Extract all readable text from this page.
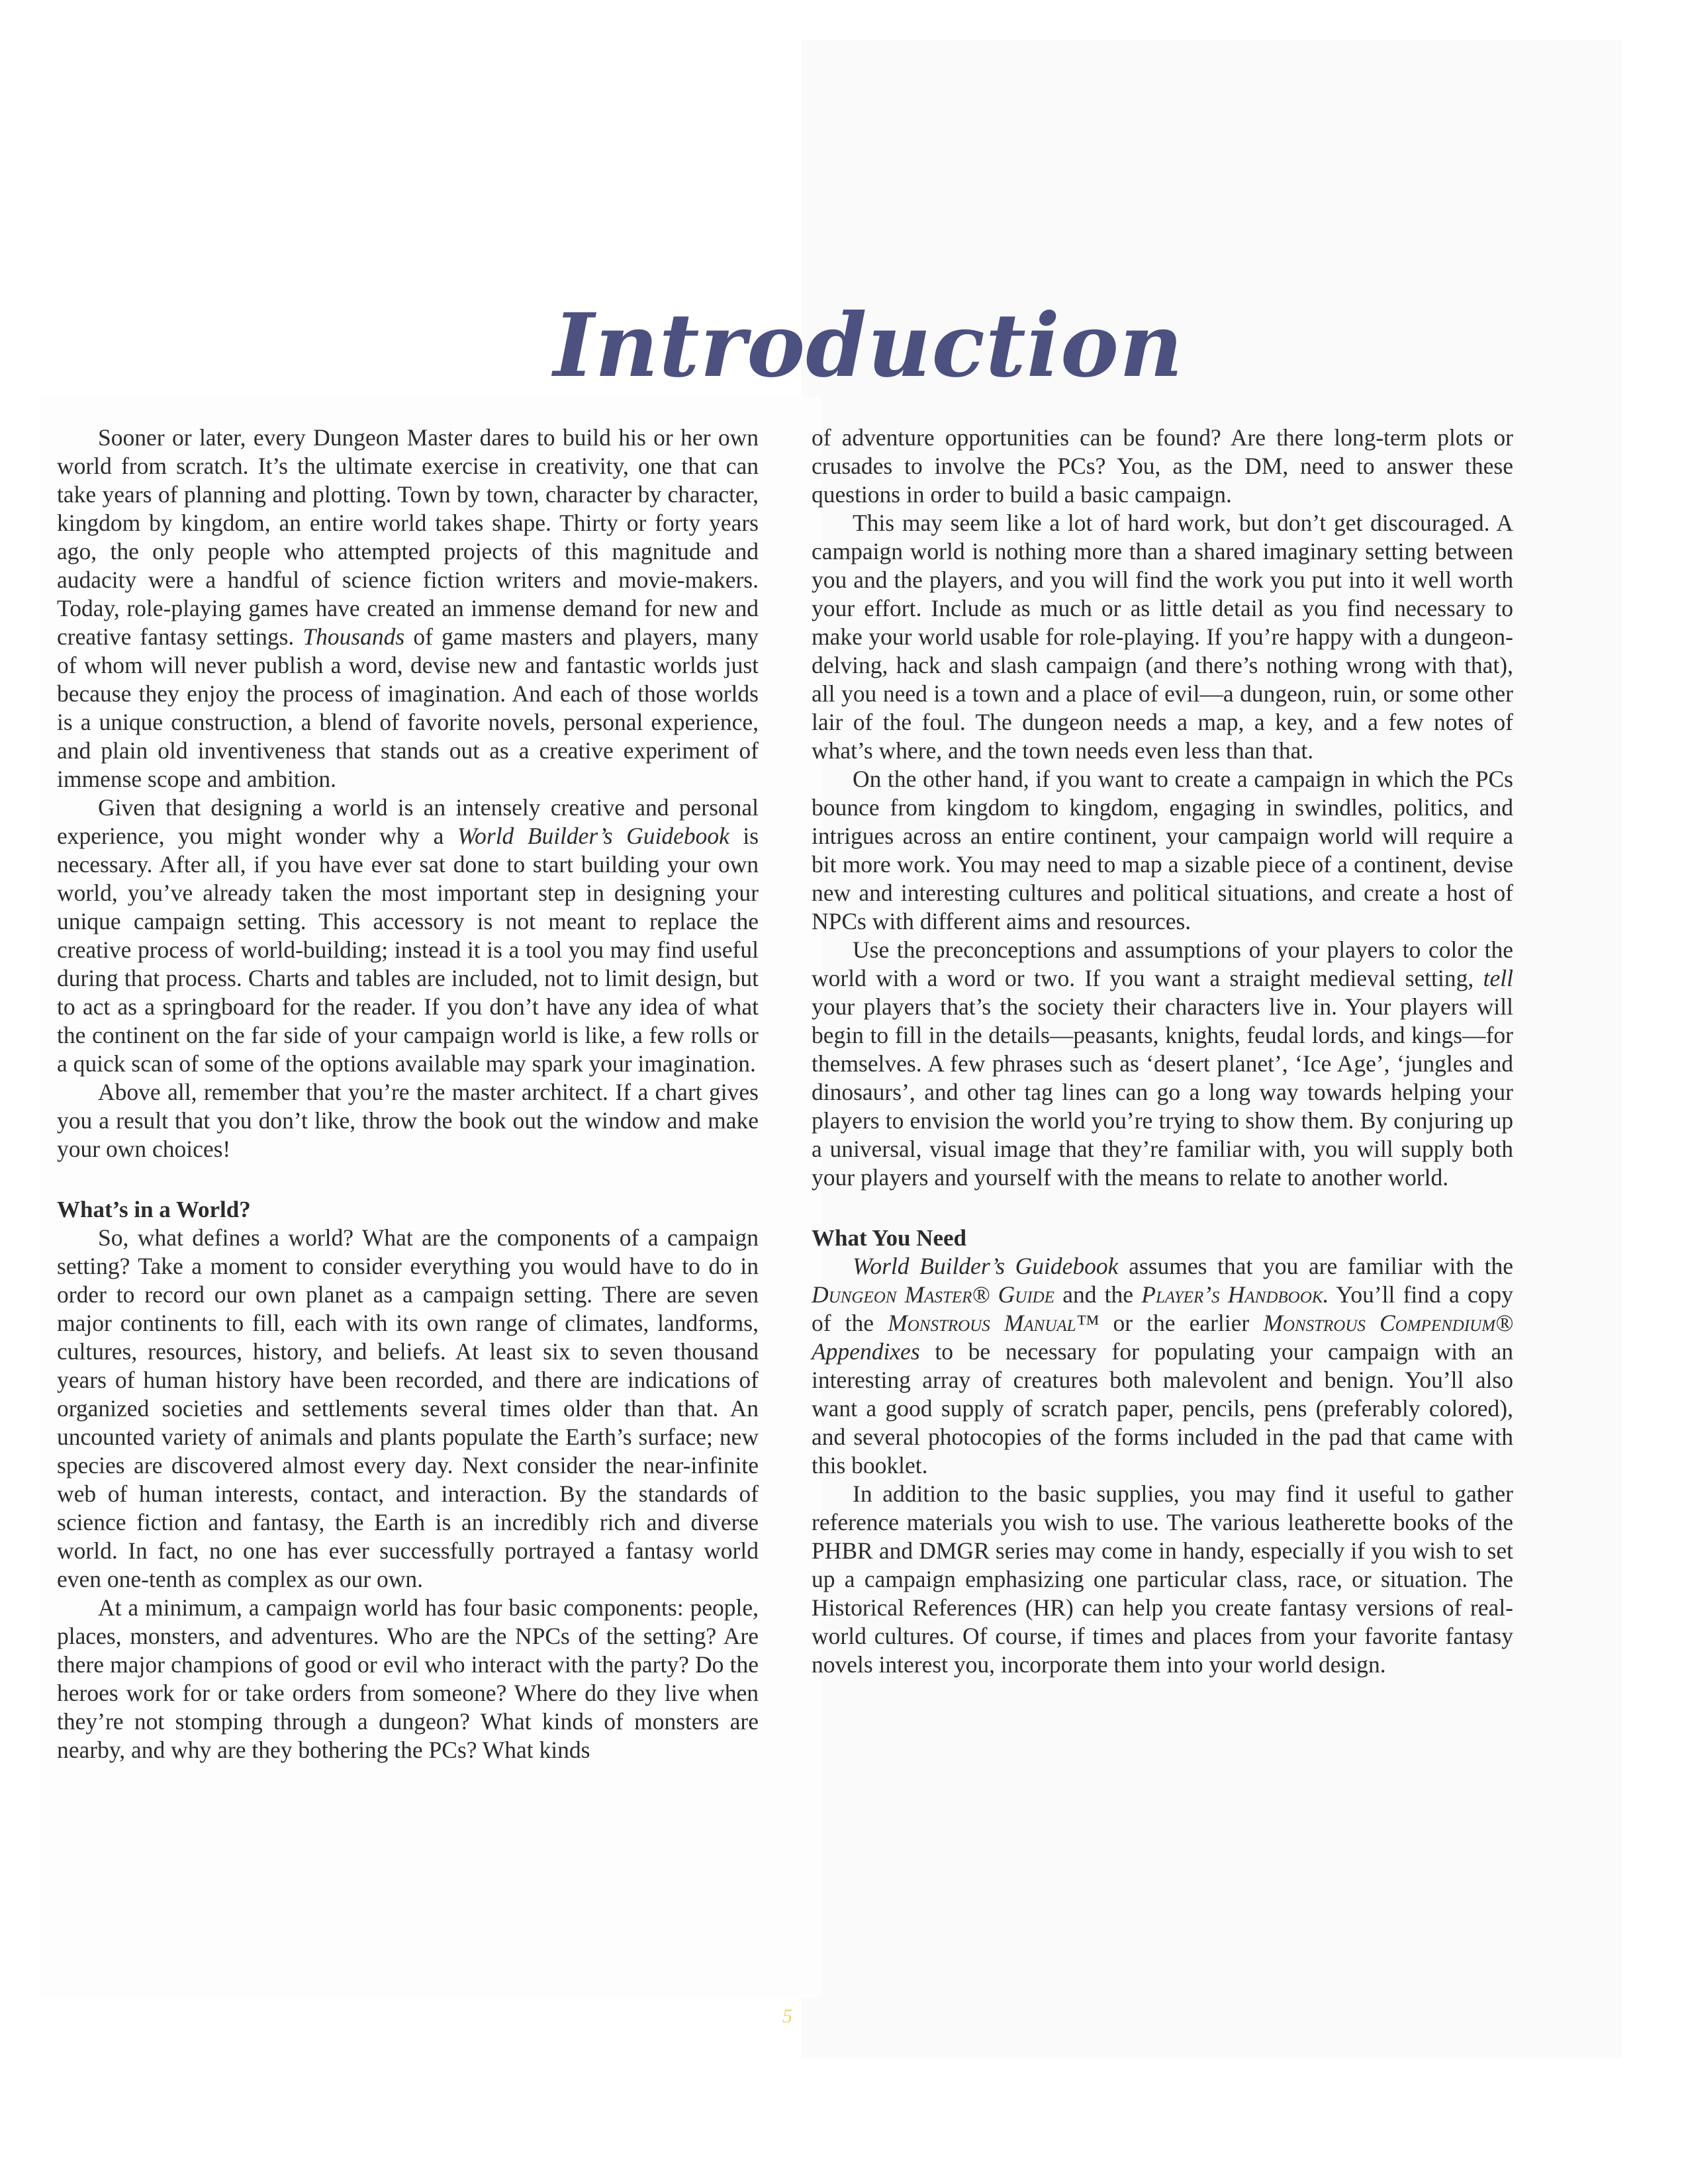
Introduction

Sooner or later, every Dungeon Master dares to build his or her own world from scratch. It’s the ultimate exercise in creativity, one that can take years of planning and plotting. Town by town, character by character, kingdom by kingdom, an entire world takes shape. Thirty or forty years ago, the only people who attempted projects of this magnitude and audacity were a handful of science fiction writers and movie-makers. Today, role-playing games have created an immense demand for new and creative fantasy settings. Thousands of game masters and players, many of whom will never publish a word, devise new and fantastic worlds just because they enjoy the process of imagination. And each of those worlds is a unique construction, a blend of favorite novels, personal experience, and plain old inventiveness that stands out as a creative experiment of immense scope and ambition.

Given that designing a world is an intensely creative and personal experience, you might wonder why a World Builder’s Guidebook is necessary. After all, if you have ever sat done to start building your own world, you’ve already taken the most important step in designing your unique campaign setting. This accessory is not meant to replace the creative process of world-building; instead it is a tool you may find useful during that process. Charts and tables are included, not to limit design, but to act as a springboard for the reader. If you don’t have any idea of what the continent on the far side of your campaign world is like, a few rolls or a quick scan of some of the options available may spark your imagination.

Above all, remember that you’re the master architect. If a chart gives you a result that you don’t like, throw the book out the window and make your own choices!

What’s in a World?

So, what defines a world? What are the components of a campaign setting? Take a moment to consider everything you would have to do in order to record our own planet as a campaign setting. There are seven major continents to fill, each with its own range of climates, landforms, cultures, resources, history, and beliefs. At least six to seven thousand years of human history have been recorded, and there are indications of organized societies and settlements several times older than that. An uncounted variety of animals and plants populate the Earth’s surface; new species are discovered almost every day. Next consider the near-infinite web of human interests, contact, and interaction. By the standards of science fiction and fantasy, the Earth is an incredibly rich and diverse world. In fact, no one has ever successfully portrayed a fantasy world even one-tenth as complex as our own.

At a minimum, a campaign world has four basic components: people, places, monsters, and adventures. Who are the NPCs of the setting? Are there major champions of good or evil who interact with the party? Do the heroes work for or take orders from someone? Where do they live when they’re not stomping through a dungeon? What kinds of monsters are nearby, and why are they bothering the PCs? What kinds

of adventure opportunities can be found? Are there long-term plots or crusades to involve the PCs? You, as the DM, need to answer these questions in order to build a basic campaign.

This may seem like a lot of hard work, but don’t get discouraged. A campaign world is nothing more than a shared imaginary setting between you and the players, and you will find the work you put into it well worth your effort. Include as much or as little detail as you find necessary to make your world usable for role-playing. If you’re happy with a dungeon-delving, hack and slash campaign (and there’s nothing wrong with that), all you need is a town and a place of evil—a dungeon, ruin, or some other lair of the foul. The dungeon needs a map, a key, and a few notes of what’s where, and the town needs even less than that.

On the other hand, if you want to create a campaign in which the PCs bounce from kingdom to kingdom, engaging in swindles, politics, and intrigues across an entire continent, your campaign world will require a bit more work. You may need to map a sizable piece of a continent, devise new and interesting cultures and political situations, and create a host of NPCs with different aims and resources.

Use the preconceptions and assumptions of your players to color the world with a word or two. If you want a straight medieval setting, tell your players that’s the society their characters live in. Your players will begin to fill in the details—peasants, knights, feudal lords, and kings—for themselves. A few phrases such as ‘desert planet’, ‘Ice Age’, ‘jungles and dinosaurs’, and other tag lines can go a long way towards helping your players to envision the world you’re trying to show them. By conjuring up a universal, visual image that they’re familiar with, you will supply both your players and yourself with the means to relate to another world.

What You Need

World Builder’s Guidebook assumes that you are familiar with the Dungeon Master® Guide and the Player’s Handbook. You’ll find a copy of the Monstrous Manual™ or the earlier Monstrous Compendium® Appendixes to be necessary for populating your campaign with an interesting array of creatures both malevolent and benign. You’ll also want a good supply of scratch paper, pencils, pens (preferably colored), and several photocopies of the forms included in the pad that came with this booklet.

In addition to the basic supplies, you may find it useful to gather reference materials you wish to use. The various leatherette books of the PHBR and DMGR series may come in handy, especially if you wish to set up a campaign emphasizing one particular class, race, or situation. The Historical References (HR) can help you create fantasy versions of real-world cultures. Of course, if times and places from your favorite fantasy novels interest you, incorporate them into your world design.

5
